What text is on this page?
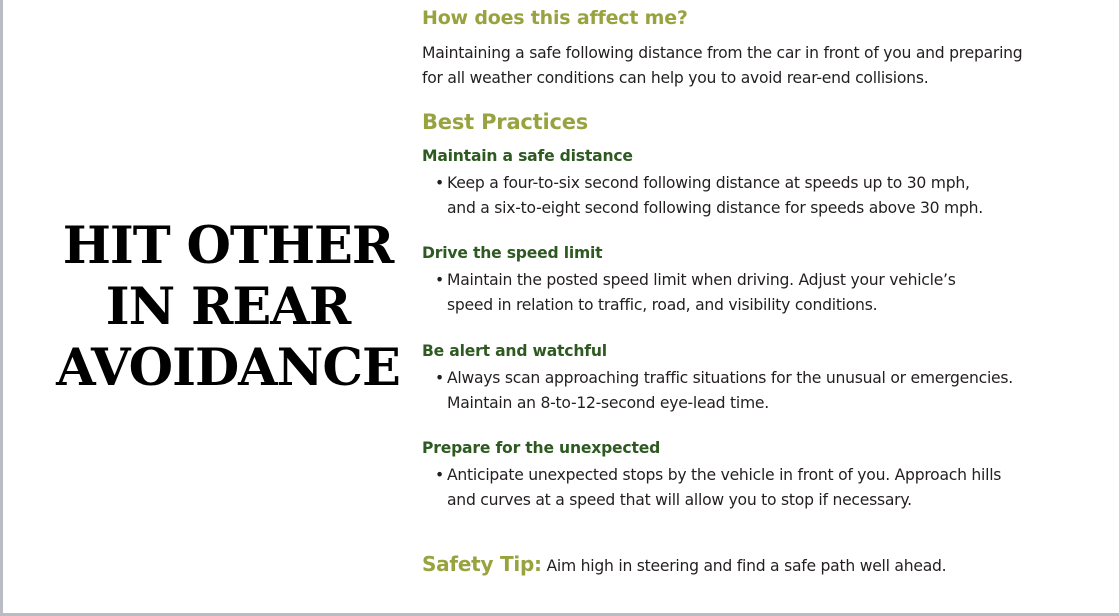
HIT OTHER
IN REAR
AVOIDANCE
How does this affect me?
Maintaining a safe following distance from the car in front of you and preparing
for all weather conditions can help you to avoid rear-end collisions.
Best Practices
Maintain a safe distance
• Keep a four-to-six second following distance at speeds up to 30 mph,
and a six-to-eight second following distance for speeds above 30 mph.
Drive the speed limit
• Maintain the posted speed limit when driving. Adjust your vehicle’s
speed in relation to traffic, road, and visibility conditions.
Be alert and watchful
• Always scan approaching traffic situations for the unusual or emergencies.
Maintain an 8-to-12-second eye-lead time.
Prepare for the unexpected
• Anticipate unexpected stops by the vehicle in front of you. Approach hills
and curves at a speed that will allow you to stop if necessary.
Safety Tip: Aim high in steering and find a safe path well ahead.
